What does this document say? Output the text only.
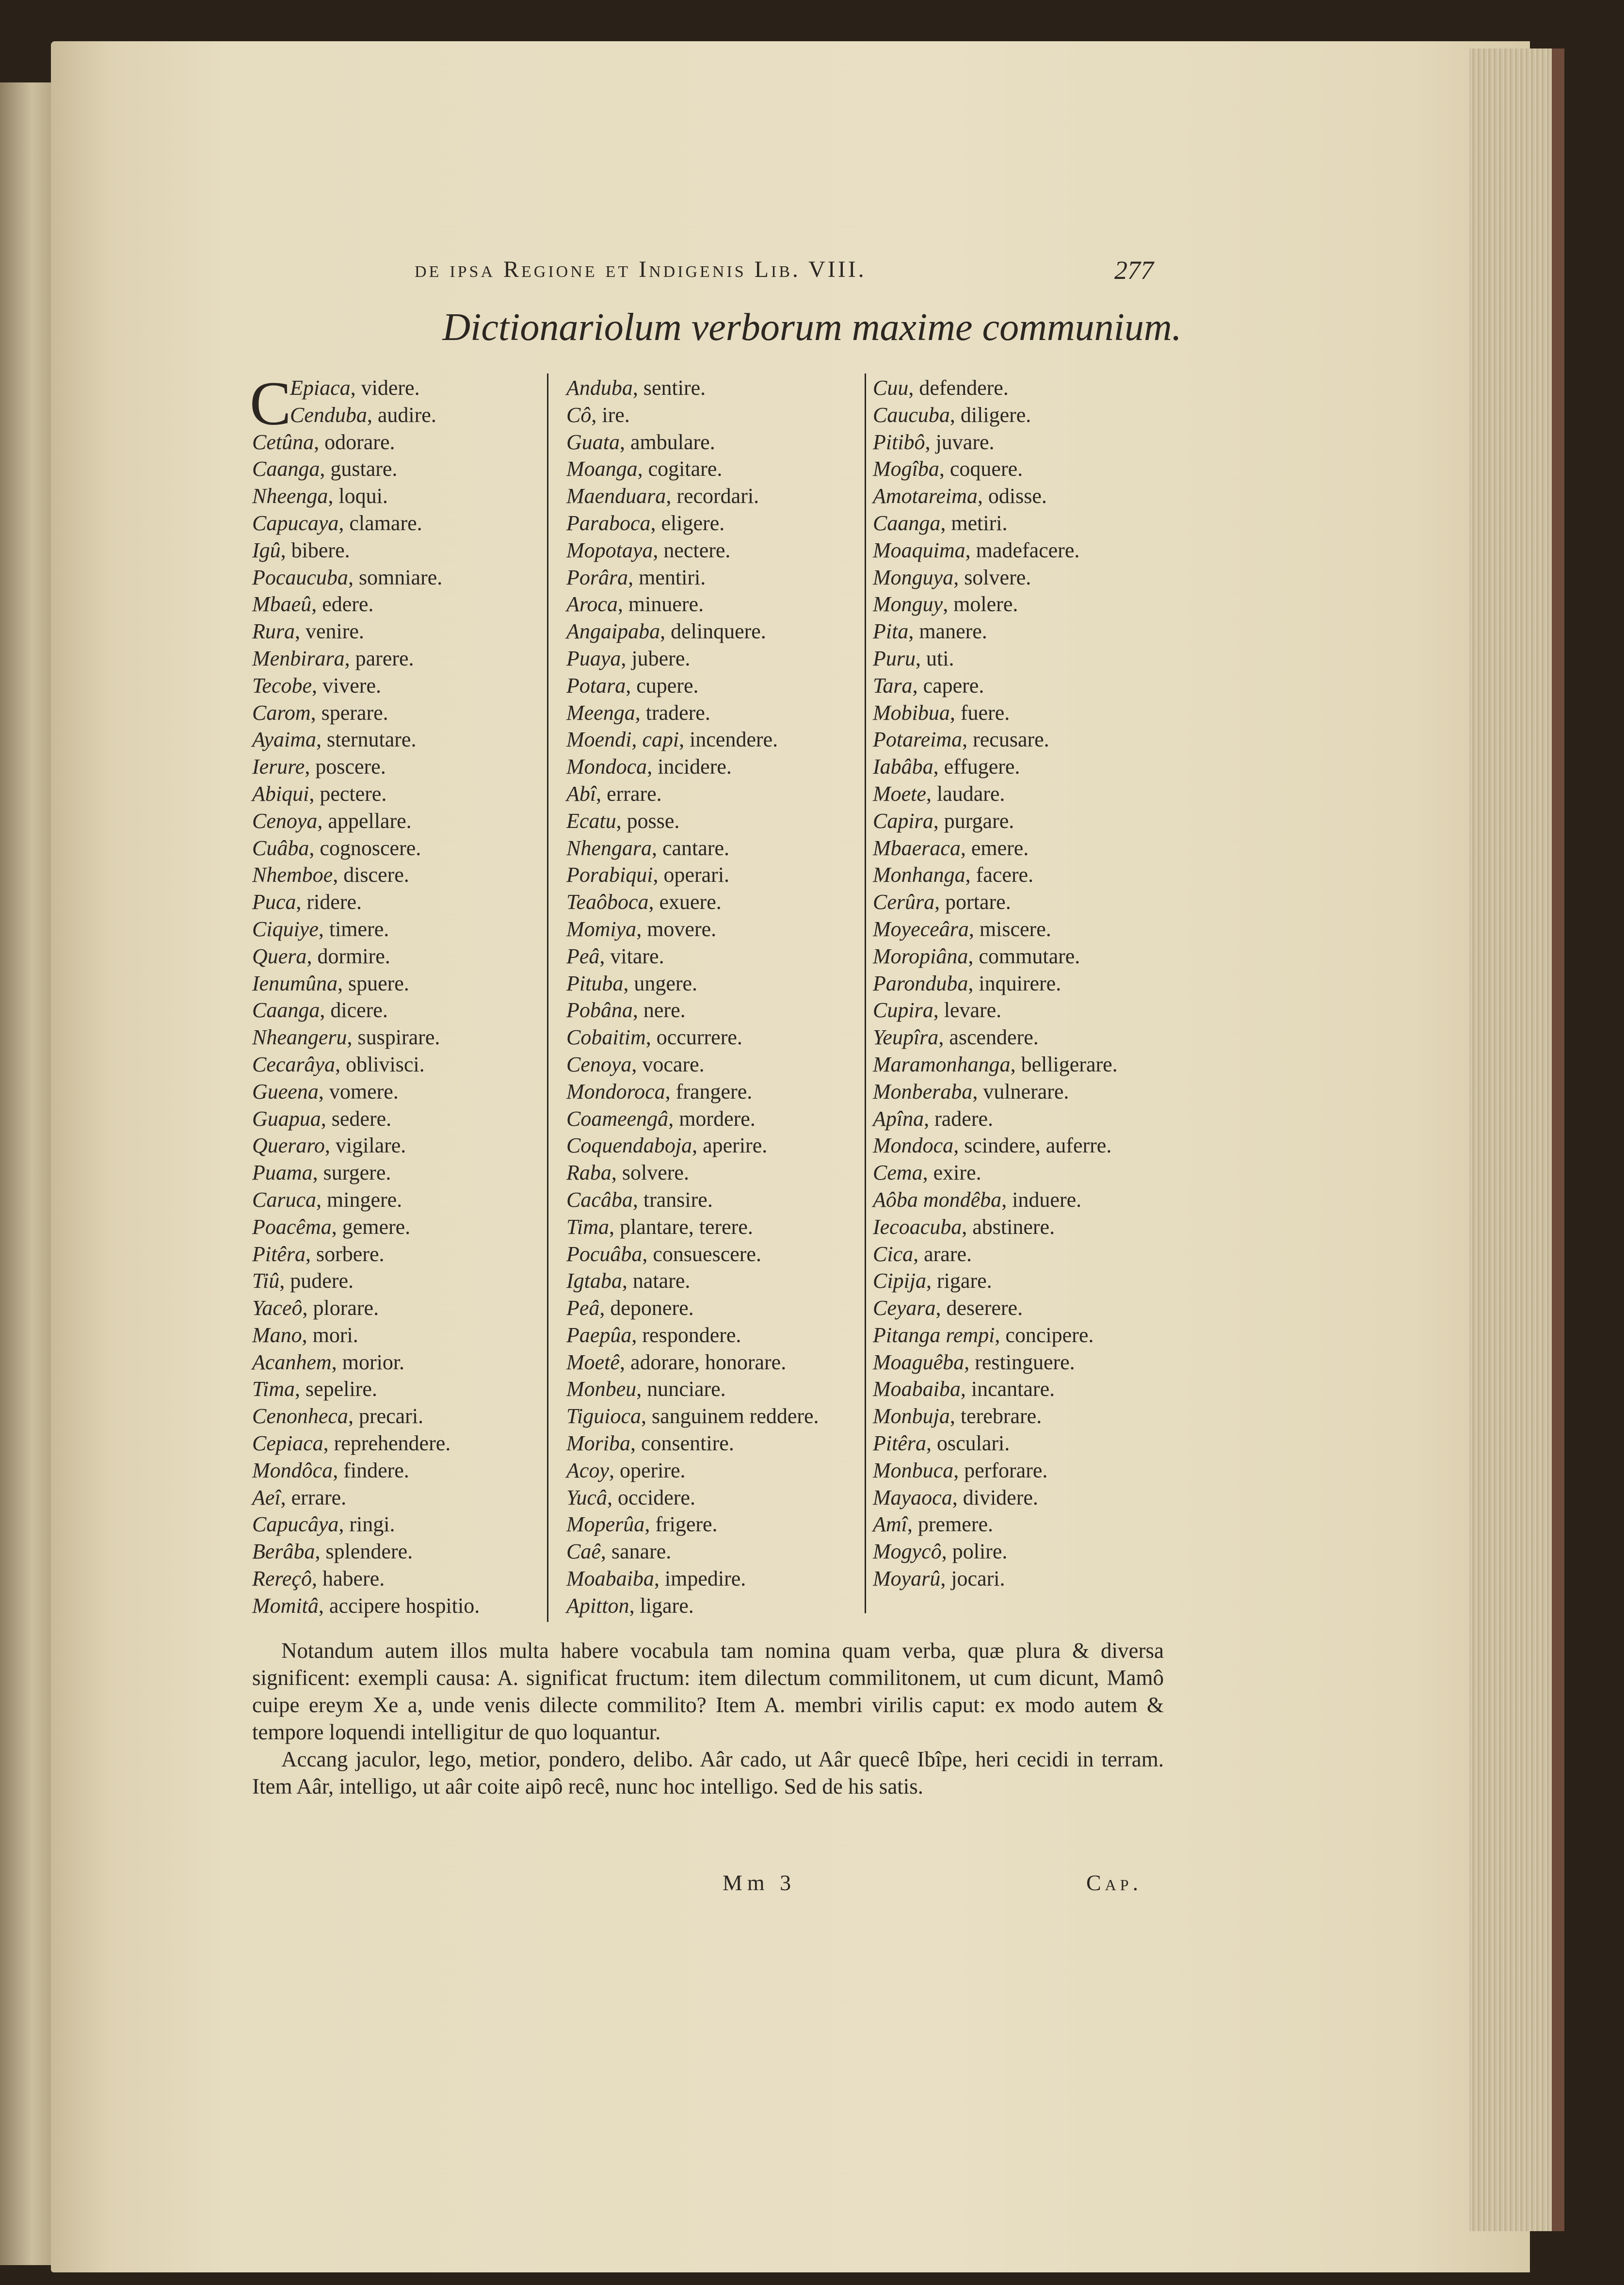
de ipsa Regione et Indigenis Lib. VIII.	277
Dictionariolum verborum maxime communium.
C
Epiaca, videre.
Cenduba, audire.
Cetûna, odorare.
Caanga, gustare.
Nheenga, loqui.
Capucaya, clamare.
Igû, bibere.
Pocaucuba, somniare.
Mbaeû, edere.
Rura, venire.
Menbirara, parere.
Tecobe, vivere.
Carom, sperare.
Ayaima, sternutare.
Ierure, poscere.
Abiqui, pectere.
Cenoya, appellare.
Cuâba, cognoscere.
Nhemboe, discere.
Puca, ridere.
Ciquiye, timere.
Quera, dormire.
Ienumûna, spuere.
Caanga, dicere.
Nheangeru, suspirare.
Cecarâya, oblivisci.
Gueena, vomere.
Guapua, sedere.
Queraro, vigilare.
Puama, surgere.
Caruca, mingere.
Poacêma, gemere.
Pitêra, sorbere.
Tiû, pudere.
Yaceô, plorare.
Mano, mori.
Acanhem, morior.
Tima, sepelire.
Cenonheca, precari.
Cepiaca, reprehendere.
Mondôca, findere.
Aeî, errare.
Capucâya, ringi.
Berâba, splendere.
Rereçô, habere.
Momitâ, accipere hospitio.
Anduba, sentire.
Cô, ire.
Guata, ambulare.
Moanga, cogitare.
Maenduara, recordari.
Paraboca, eligere.
Mopotaya, nectere.
Porâra, mentiri.
Aroca, minuere.
Angaipaba, delinquere.
Puaya, jubere.
Potara, cupere.
Meenga, tradere.
Moendi, capi, incendere.
Mondoca, incidere.
Abî, errare.
Ecatu, posse.
Nhengara, cantare.
Porabiqui, operari.
Teaôboca, exuere.
Momiya, movere.
Peâ, vitare.
Pituba, ungere.
Pobâna, nere.
Cobaitim, occurrere.
Cenoya, vocare.
Mondoroca, frangere.
Coameengâ, mordere.
Coquendaboja, aperire.
Raba, solvere.
Cacâba, transire.
Tima, plantare, terere.
Pocuâba, consuescere.
Igtaba, natare.
Peâ, deponere.
Paepûa, respondere.
Moetê, adorare, honorare.
Monbeu, nunciare.
Tiguioca, sanguinem reddere.
Moriba, consentire.
Acoy, operire.
Yucâ, occidere.
Moperûa, frigere.
Caê, sanare.
Moabaiba, impedire.
Apitton, ligare.
Cuu, defendere.
Caucuba, diligere.
Pitibô, juvare.
Mogîba, coquere.
Amotareima, odisse.
Caanga, metiri.
Moaquima, madefacere.
Monguya, solvere.
Monguy, molere.
Pita, manere.
Puru, uti.
Tara, capere.
Mobibua, fuere.
Potareima, recusare.
Iabâba, effugere.
Moete, laudare.
Capira, purgare.
Mbaeraca, emere.
Monhanga, facere.
Cerûra, portare.
Moyeceâra, miscere.
Moropiâna, commutare.
Paronduba, inquirere.
Cupira, levare.
Yeupîra, ascendere.
Maramonhanga, belligerare.
Monberaba, vulnerare.
Apîna, radere.
Mondoca, scindere, auferre.
Cema, exire.
Aôba mondêba, induere.
Iecoacuba, abstinere.
Cica, arare.
Cipija, rigare.
Ceyara, deserere.
Pitanga rempi, concipere.
Moaguêba, restinguere.
Moabaiba, incantare.
Monbuja, terebrare.
Pitêra, osculari.
Monbuca, perforare.
Mayaoca, dividere.
Amî, premere.
Mogycô, polire.
Moyarû, jocari.

Notandum autem illos multa habere vocabula tam nomina quam verba, quæ plura & diversa significent: exempli causa: A. significat fructum: item dilectum commilitonem, ut cum dicunt, Mamô cuipe ereym Xe a, unde venis dilecte commilito? Item A. membri virilis caput: ex modo autem & tempore loquendi intelligitur de quo loquantur.

Accang jaculor, lego, metior, pondero, delibo. Aâr cado, ut Aâr quecê Ibîpe, heri cecidi in terram. Item Aâr, intelligo, ut aâr coite aipô recê, nunc hoc intelligo. Sed de his satis.

Mm 3	Cap.
